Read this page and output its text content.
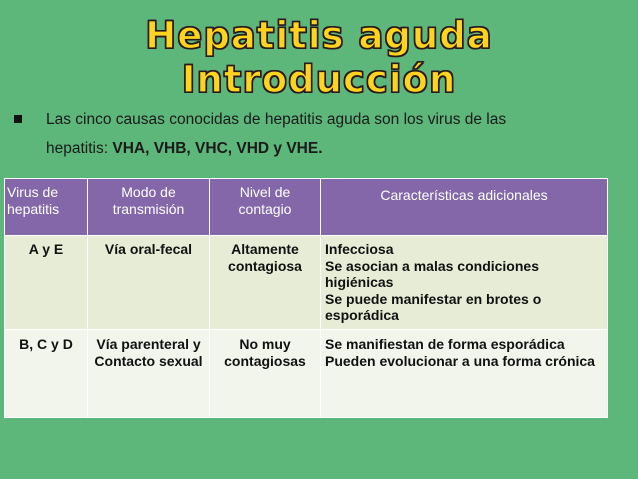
Hepatitis aguda
Introducción
Las cinco causas conocidas de hepatitis aguda son los virus de las
hepatitis: VHA, VHB, VHC, VHD y VHE.
Virus de hepatitis	Modo de transmisión	Nivel de contagio	Características adicionales
A y E	Vía oral-fecal	Altamente contagiosa	Infecciosa
Se asocian a malas condiciones higiénicas
Se puede manifestar en brotes o esporádica

B, C y D	Vía parenteral y Contacto sexual	No muy contagiosas	Se manifiestan de forma esporádica
Pueden evolucionar a una forma crónica
